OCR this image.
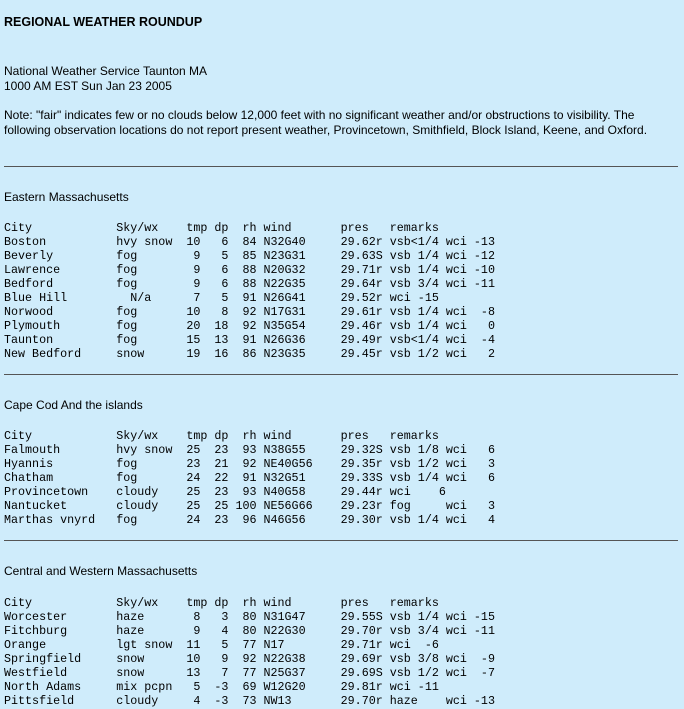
REGIONAL WEATHER ROUNDUP
National Weather Service Taunton MA
1000 AM EST Sun Jan 23 2005
Note: "fair" indicates few or no clouds below 12,000 feet with no significant weather and/or obstructions to visibility. The following observation locations do not report present weather, Provincetown, Smithfield, Block Island, Keene, and Oxford.
Eastern Massachusetts
City            Sky/wx    tmp dp  rh wind       pres   remarks
Boston          hvy snow  10   6  84 N32G40     29.62r vsb<1/4 wci -13
Beverly         fog        9   5  85 N23G31     29.63S vsb 1/4 wci -12
Lawrence        fog        9   6  88 N20G32     29.71r vsb 1/4 wci -10
Bedford         fog        9   6  88 N22G35     29.64r vsb 3/4 wci -11
Blue Hill         N/a      7   5  91 N26G41     29.52r wci -15
Norwood         fog       10   8  92 N17G31     29.61r vsb 1/4 wci  -8
Plymouth        fog       20  18  92 N35G54     29.46r vsb 1/4 wci   0
Taunton         fog       15  13  91 N26G36     29.49r vsb<1/4 wci  -4
New Bedford     snow      19  16  86 N23G35     29.45r vsb 1/2 wci   2
Cape Cod And the islands
City            Sky/wx    tmp dp  rh wind       pres   remarks
Falmouth        hvy snow  25  23  93 N38G55     29.32S vsb 1/8 wci   6
Hyannis         fog       23  21  92 NE40G56    29.35r vsb 1/2 wci   3
Chatham         fog       24  22  91 N32G51     29.33S vsb 1/4 wci   6
Provincetown    cloudy    25  23  93 N40G58     29.44r wci    6
Nantucket       cloudy    25  25 100 NE56G66    29.23r fog     wci   3
Marthas vnyrd   fog       24  23  96 N46G56     29.30r vsb 1/4 wci   4
Central and Western Massachusetts
City            Sky/wx    tmp dp  rh wind       pres   remarks
Worcester       haze       8   3  80 N31G47     29.55S vsb 1/4 wci -15
Fitchburg       haze       9   4  80 N22G30     29.70r vsb 3/4 wci -11
Orange          lgt snow  11   5  77 N17        29.71r wci  -6
Springfield     snow      10   9  92 N22G38     29.69r vsb 3/8 wci  -9
Westfield       snow      13   7  77 N25G37     29.69S vsb 1/2 wci  -7
North Adams     mix pcpn   5  -3  69 W12G20     29.81r wci -11
Pittsfield      cloudy     4  -3  73 NW13       29.70r haze    wci -13
